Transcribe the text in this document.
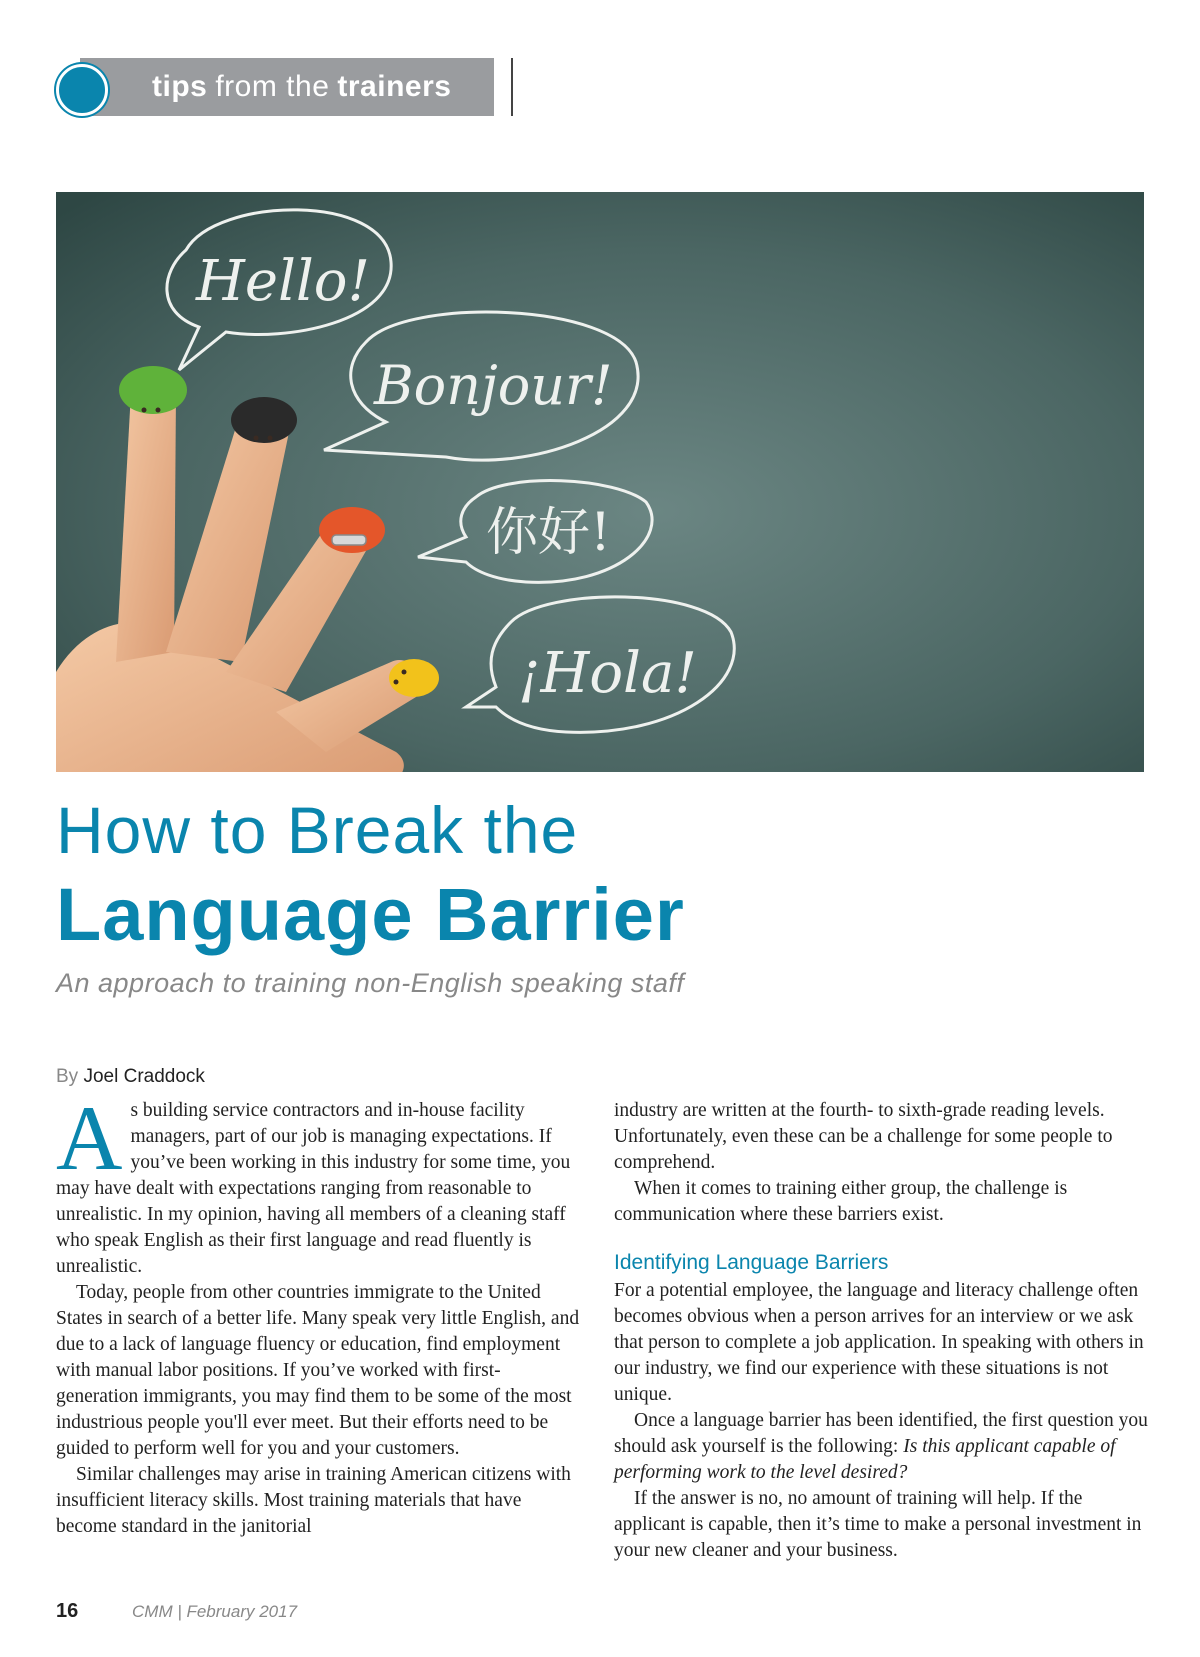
tips from the trainers
Hello!
Bonjour!
你好!
¡Hola!
How to Break the
Language Barrier
An approach to training non-English speaking staff
By Joel Craddock

As building service contractors and in-house facility managers, part of our job is managing expectations. If you’ve been working in this industry for some time, you may have dealt with expectations ranging from reasonable to unrealistic. In my opinion, having all members of a cleaning staff who speak English as their first language and read fluently is unrealistic.

Today, people from other countries immigrate to the United States in search of a better life. Many speak very little English, and due to a lack of language fluency or education, find employment with manual labor positions. If you’ve worked with first-generation immigrants, you may find them to be some of the most industrious people you'll ever meet. But their efforts need to be guided to perform well for you and your customers.

Similar challenges may arise in training American citizens with insufficient literacy skills. Most training materials that have become standard in the janitorial

industry are written at the fourth- to sixth-grade reading levels. Unfortunately, even these can be a challenge for some people to comprehend.

When it comes to training either group, the challenge is communication where these barriers exist.

Identifying Language Barriers

For a potential employee, the language and literacy challenge often becomes obvious when a person arrives for an interview or we ask that person to complete a job application. In speaking with others in our industry, we find our experience with these situations is not unique.

Once a language barrier has been identified, the first question you should ask yourself is the following: Is this applicant capable of performing work to the level desired?

If the answer is no, no amount of training will help. If the applicant is capable, then it’s time to make a personal investment in your new cleaner and your business.

16	CMM | February 2017
